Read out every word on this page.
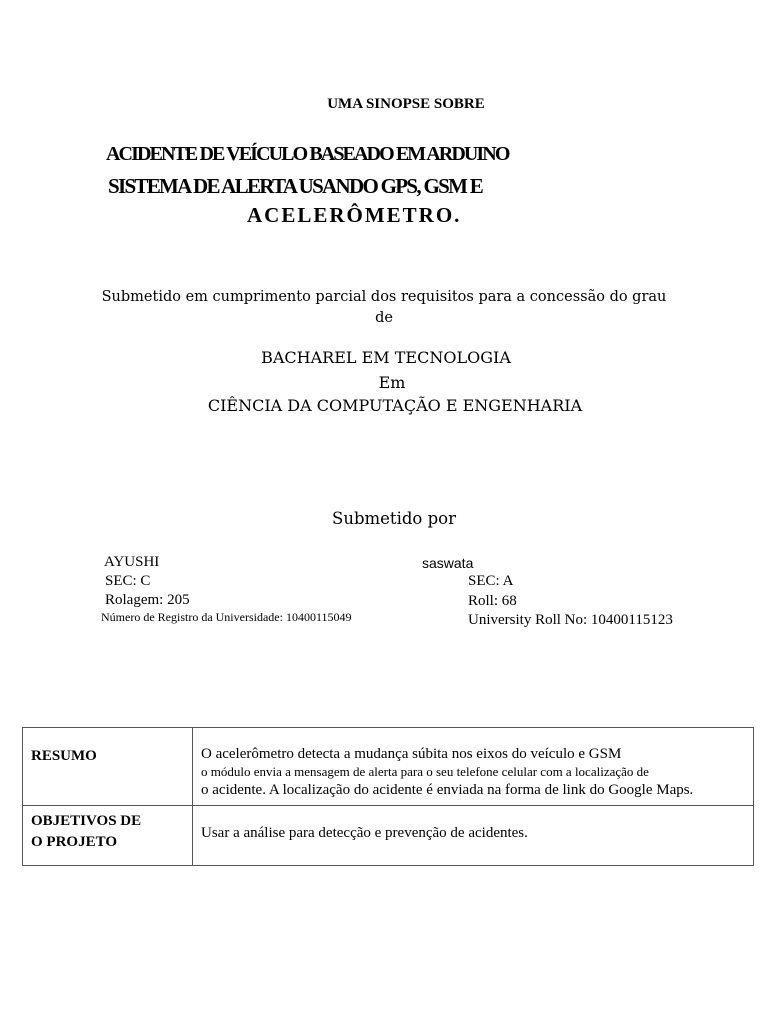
UMA SINOPSE SOBRE
ACIDENTE DE VEÍCULO BASEADO EM ARDUINO
SISTEMA DE ALERTA USANDO GPS, GSM E
ACELERÔMETRO.
Submetido em cumprimento parcial dos requisitos para a concessão do grau de
BACHAREL EM TECNOLOGIA
Em
CIÊNCIA DA COMPUTAÇÃO E ENGENHARIA
Submetido por
AYUSHI
SEC: C
Rolagem: 205
Número de Registro da Universidade: 10400115049
saswata
SEC: A
Roll: 68
University Roll No: 10400115123
RESUMO	O acelerômetro detecta a mudança súbita nos eixos do veículo e GSM
o módulo envia a mensagem de alerta para o seu telefone celular com a localização de
o acidente. A localização do acidente é enviada na forma de link do Google Maps.

OBJETIVOS DE
O PROJETO	Usar a análise para detecção e prevenção de acidentes.
